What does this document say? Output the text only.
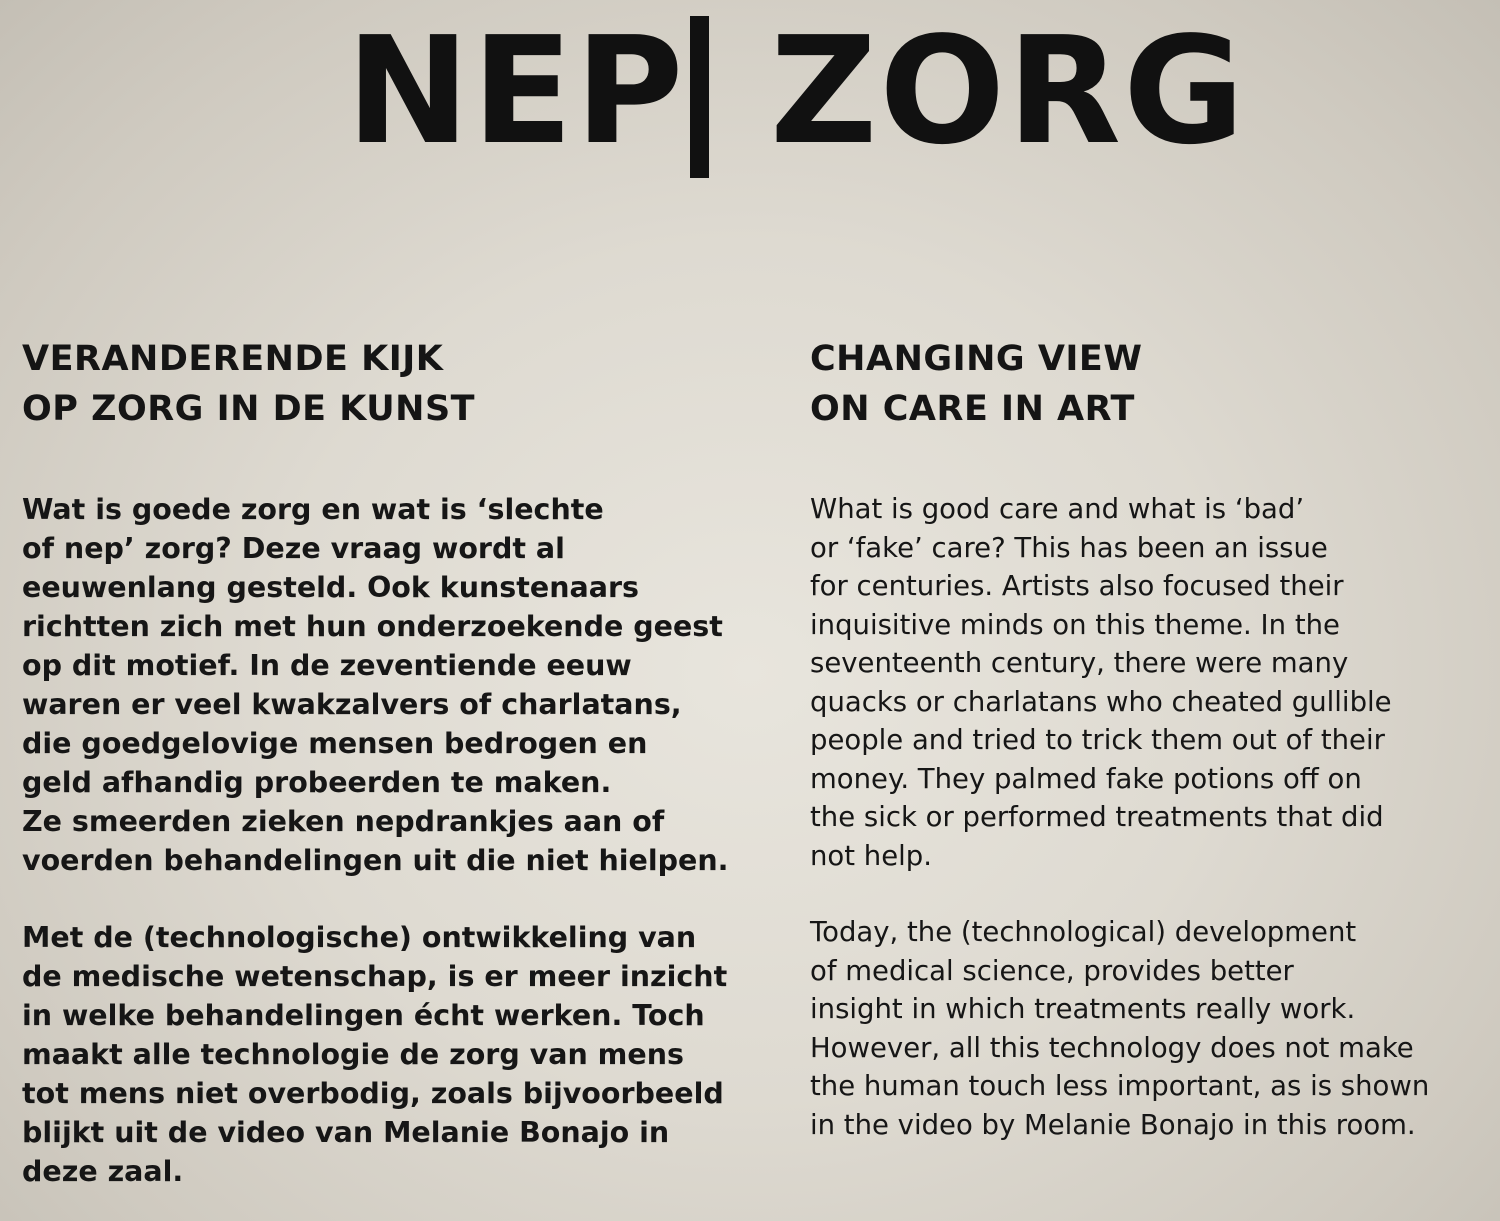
NEP ZORG
VERANDERENDE KIJK
OP ZORG IN DE KUNST

Wat is goede zorg en wat is ‘slechte
of nep’ zorg? Deze vraag wordt al
eeuwenlang gesteld. Ook kunstenaars
richtten zich met hun onderzoekende geest
op dit motief. In de zeventiende eeuw
waren er veel kwakzalvers of charlatans,
die goedgelovige mensen bedrogen en
geld afhandig probeerden te maken.
Ze smeerden zieken nepdrankjes aan of
voerden behandelingen uit die niet hielpen.

Met de (technologische) ontwikkeling van
de medische wetenschap, is er meer inzicht
in welke behandelingen écht werken. Toch
maakt alle technologie de zorg van mens
tot mens niet overbodig, zoals bijvoorbeeld
blijkt uit de video van Melanie Bonajo in
deze zaal.

CHANGING VIEW
ON CARE IN ART

What is good care and what is ‘bad’
or ‘fake’ care? This has been an issue
for centuries. Artists also focused their
inquisitive minds on this theme. In the
seventeenth century, there were many
quacks or charlatans who cheated gullible
people and tried to trick them out of their
money. They palmed fake potions off on
the sick or performed treatments that did
not help.

Today, the (technological) development
of medical science, provides better
insight in which treatments really work.
However, all this technology does not make
the human touch less important, as is shown
in the video by Melanie Bonajo in this room.
